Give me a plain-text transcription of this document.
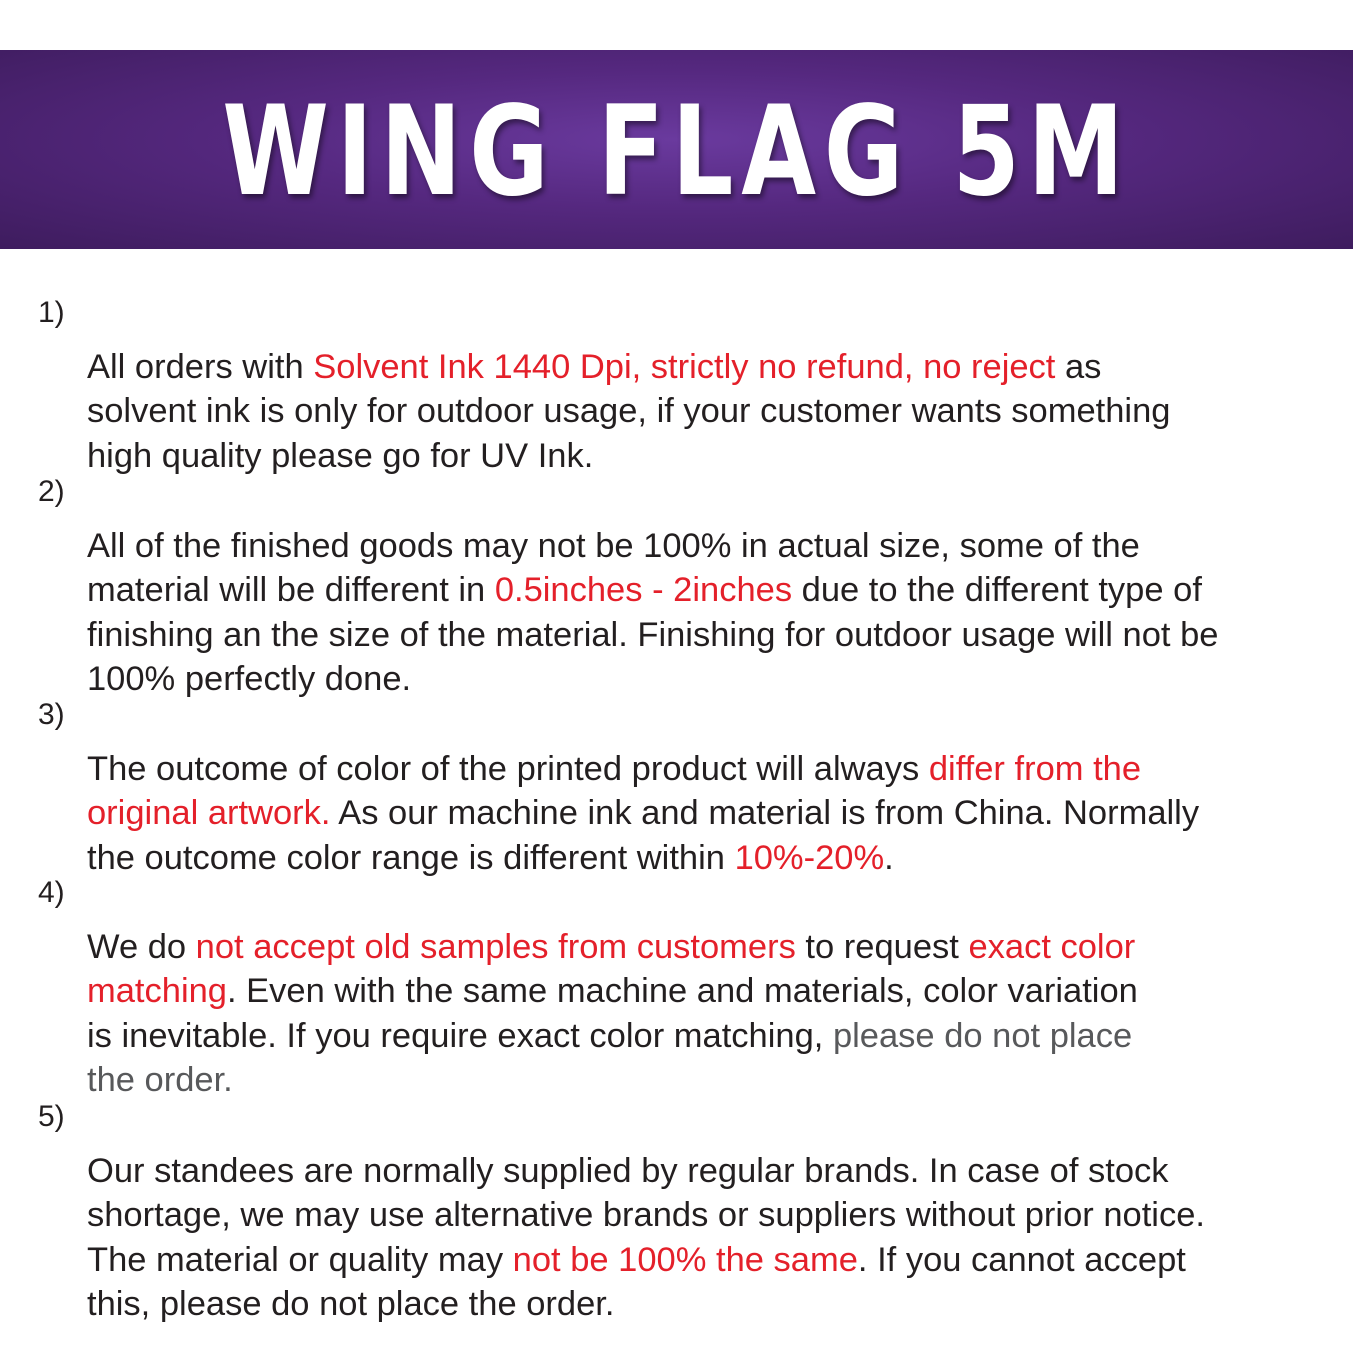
WING FLAG 5M
1)

All orders with Solvent Ink 1440 Dpi, strictly no refund, no reject as
solvent ink is only for outdoor usage, if your customer wants something
high quality please go for UV Ink.

2)

All of the finished goods may not be 100% in actual size, some of the
material will be different in 0.5inches - 2inches due to the different type of
finishing an the size of the material. Finishing for outdoor usage will not be
100% perfectly done.

3)

The outcome of color of the printed product will always differ from the
original artwork. As our machine ink and material is from China. Normally
the outcome color range is different within 10%-20%.

4)

We do not accept old samples from customers to request exact color
matching. Even with the same machine and materials, color variation
is inevitable. If you require exact color matching, please do not place
the order.

5)

Our standees are normally supplied by regular brands. In case of stock
shortage, we may use alternative brands or suppliers without prior notice.
The material or quality may not be 100% the same. If you cannot accept
this, please do not place the order.
